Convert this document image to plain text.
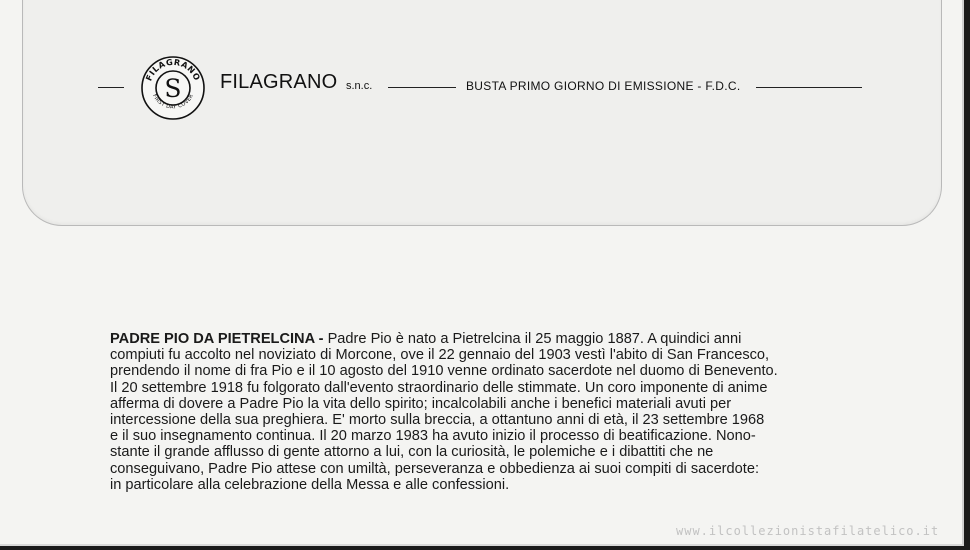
FILAGRANO
FIRST DAY COVER
S FILAGRANO s.n.c.	BUSTA PRIMO GIORNO DI EMISSIONE - F.D.C.

PADRE PIO DA PIETRELCINA - Padre Pio è nato a Pietrelcina il 25 maggio 1887. A quindici anni

compiuti fu accolto nel noviziato di Morcone, ove il 22 gennaio del 1903 vestì l'abito di San Francesco,

prendendo il nome di fra Pio e il 10 agosto del 1910 venne ordinato sacerdote nel duomo di Benevento.

Il 20 settembre 1918 fu folgorato dall'evento straordinario delle stimmate. Un coro imponente di anime

afferma di dovere a Padre Pio la vita dello spirito; incalcolabili anche i benefici materiali avuti per

intercessione della sua preghiera. E' morto sulla breccia, a ottantuno anni di età, il 23 settembre 1968

e il suo insegnamento continua. Il 20 marzo 1983 ha avuto inizio il processo di beatificazione. Nono-

stante il grande afflusso di gente attorno a lui, con la curiosità, le polemiche e i dibattiti che ne

conseguivano, Padre Pio attese con umiltà, perseveranza e obbedienza ai suoi compiti di sacerdote:

in particolare alla celebrazione della Messa e alle confessioni.

www.ilcollezionistafilatelico.it
